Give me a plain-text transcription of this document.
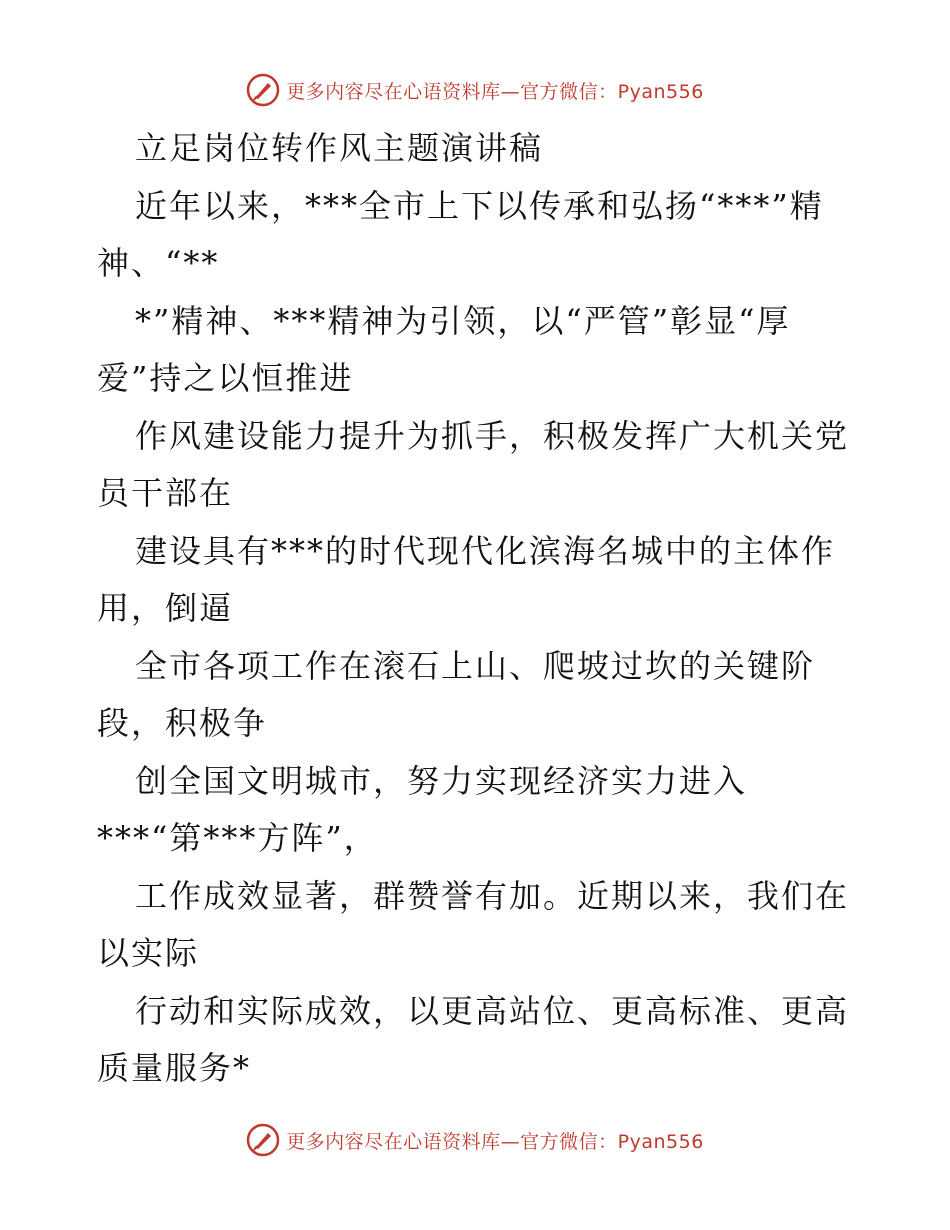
更多内容尽在心语资料库—官方微信：Pyan556
立足岗位转作风主题演讲稿
近年以来，***全市上下以传承和弘扬“***”精
神、“**
*”精神、***精神为引领，以“严管”彰显“厚
爱”持之以恒推进
作风建设能力提升为抓手，积极发挥广大机关党
员干部在
建设具有***的时代现代化滨海名城中的主体作
用，倒逼
全市各项工作在滚石上山、爬坡过坎的关键阶
段，积极争
创全国文明城市，努力实现经济实力进入
***“第***方阵”，
工作成效显著，群赞誉有加。近期以来，我们在
以实际
行动和实际成效，以更高站位、更高标准、更高
质量服务*
更多内容尽在心语资料库—官方微信：Pyan556
